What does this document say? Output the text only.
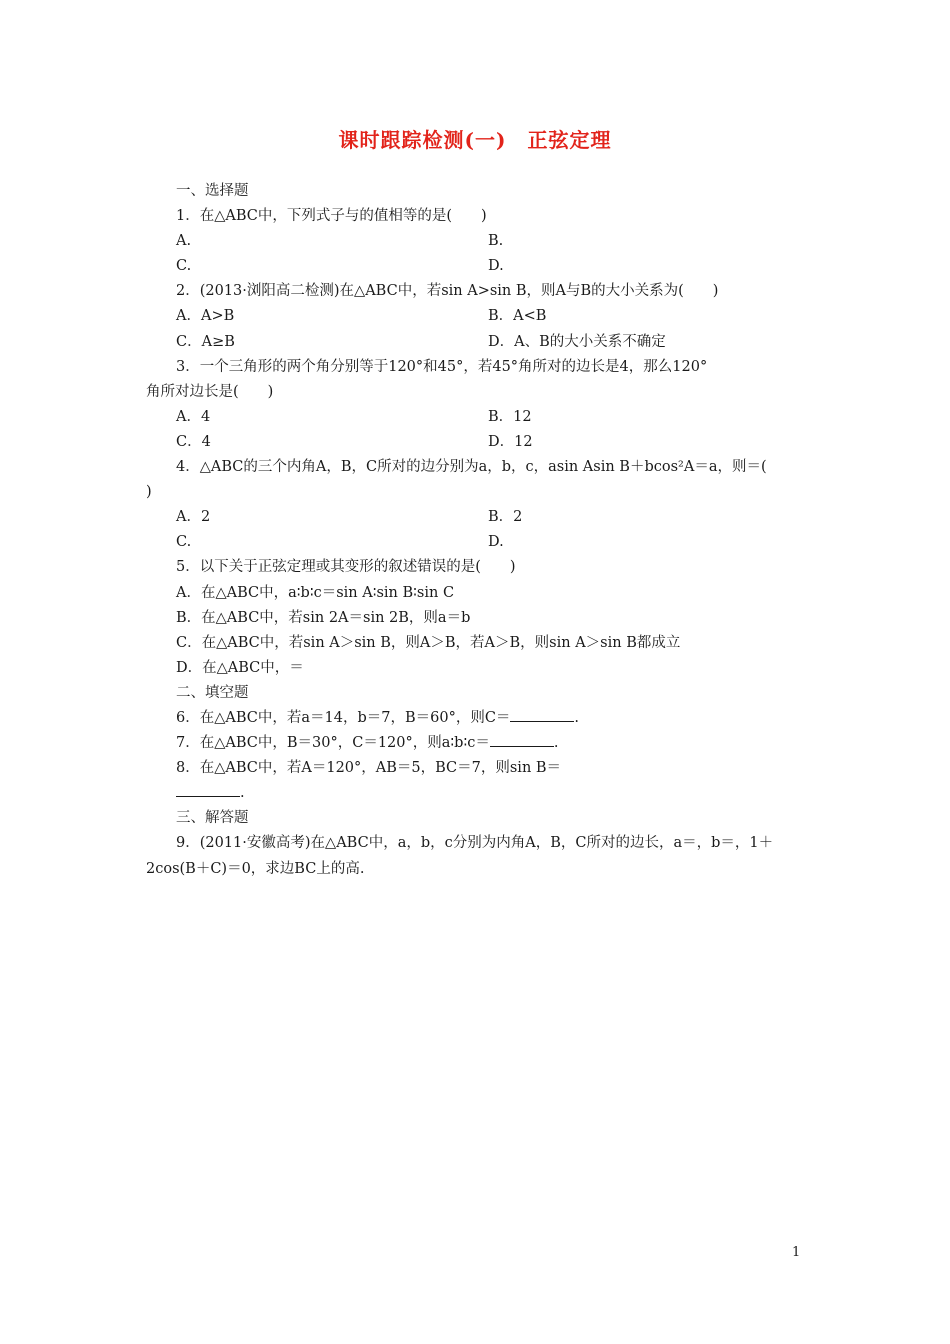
课时跟踪检测(一)　正弦定理
一、选择题
1．在△ABC中，下列式子与的值相等的是(　　)
A.	B.
C.	D.
2．(2013·浏阳高二检测)在△ABC中，若sin A>sin B，则A与B的大小关系为(　　)
A．A>B	B．A<B
C．A≥B	D．A、B的大小关系不确定
3．一个三角形的两个角分别等于120°和45°，若45°角所对的边长是4，那么120°
角所对边长是(　　)
A．4	B．12
C．4	D．12
4．△ABC的三个内角A，B，C所对的边分别为a，b，c，asin Asin B＋bcos²A＝a，则＝(
)
A．2	B．2
C.	D.
5．以下关于正弦定理或其变形的叙述错误的是(　　)
A．在△ABC中，a∶b∶c＝sin A∶sin B∶sin C
B．在△ABC中，若sin 2A＝sin 2B，则a＝b
C．在△ABC中，若sin A＞sin B，则A＞B，若A＞B，则sin A＞sin B都成立
D．在△ABC中，＝
二、填空题
6．在△ABC中，若a＝14，b＝7，B＝60°，则C＝	.
7．在△ABC中，B＝30°，C＝120°，则a∶b∶c＝	.
8．在△ABC中，若A＝120°，AB＝5，BC＝7，则sin B＝
.
三、解答题
9．(2011·安徽高考)在△ABC中，a，b，c分别为内角A，B，C所对的边长，a＝，b＝，1＋
2cos(B＋C)＝0，求边BC上的高.
1
